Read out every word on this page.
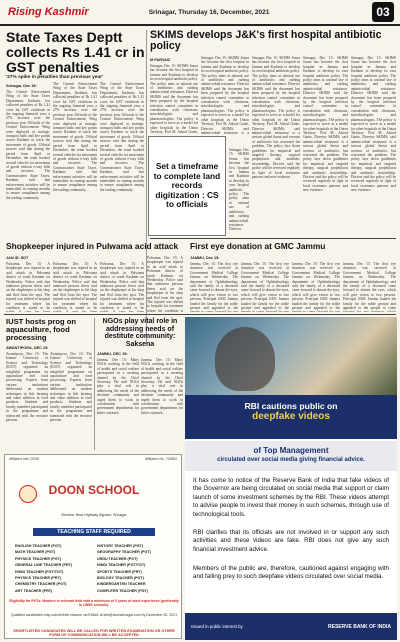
Rising Kashmir	Srinagar, Thursday 16, December, 2021	03
State Taxes Deptt collects Rs 1.41 cr in GST penalties
'27% spike in penalties than previous year'
Srinagar, Dec 15:

The Central Enforcement Wing of the State Taxes Department, Kashmir, has collected penalties of Rs 1.41 crore for GST violations in the ongoing financial year, a 27% increase over the previous year. Officials of the Central Enforcement Wing were deployed at strategic transport hubs and key points across Kashmir to track the movement of goods. Official sources said that during the period from April to December, the team booked several vehicles for movement of goods without e-way bills and invoices. The Commissioner State Taxes, Kashmir, said that enforcement activities will be intensified in coming months to ensure compliance among the trading community.

The Central Enforcement Wing of the State Taxes Department, Kashmir, has collected penalties of Rs 1.41 crore for GST violations in the ongoing financial year, a 27% increase over the previous year. Officials of the Central Enforcement Wing were deployed at strategic transport hubs and key points across Kashmir to track the movement of goods. Official sources said that during the period from April to December, the team booked several vehicles for movement of goods without e-way bills and invoices. The Commissioner State Taxes, Kashmir, said that enforcement activities will be intensified in coming months to ensure compliance among the trading community.

The Central Enforcement Wing of the State Taxes Department, Kashmir, has collected penalties of Rs 1.41 crore for GST violations in the ongoing financial year, a 27% increase over the previous year. Officials of the Central Enforcement Wing were deployed at strategic transport hubs and key points across Kashmir to track the movement of goods. Official sources said that during the period from April to December, the team booked several vehicles for movement of goods without e-way bills and invoices. The Commissioner State Taxes, Kashmir, said that enforcement activities will be intensified in coming months to ensure compliance among the trading community.

SKIMS develops J&K's first hospital antibiotic policy
M PARVAIZ

Srinagar, Dec 15: SKIMS Soura has become the first hospital in Jammu and Kashmir to develop its own hospital antibiotic policy. The policy aims at rational use of antibiotics and curbing antimicrobial resistance. Director SKIMS said the document has been prepared by the hospital infection control committee in consultation with clinicians, microbiologists and pharmacologists. The policy is expected to serve as a model for other hospitals in the Union Territory. Prof M. Ashraf Ganie,

Srinagar, Dec 15: SKIMS Soura has become the first hospital in Jammu and Kashmir to develop its own hospital antibiotic policy. The policy aims at rational use of antibiotics and curbing antimicrobial resistance. Director SKIMS said the document has been prepared by the hospital infection control committee in consultation with clinicians, microbiologists and pharmacologists. The policy is expected to serve as a model for other hospitals in the Union Territory. Prof M. Ashraf Ganie, Director SKIMS, said antimicrobial resistance is a

Srinagar, Dec 15: SKIMS Soura has become the first hospital in Jammu and Kashmir to develop its own hospital antibiotic policy. The policy aims at rational use of antibiotics and curbing antimicrobial resistance. Director SKIMS said the document has been prepared by the hospital infection control committee in consultation with clinicians, microbiologists and pharmacologists. The policy is expected to serve as a model for other hospitals in the Union Territory. Prof M. Ashraf Ganie, Director SKIMS, said antimicrobial resistance is a serious global threat and overuse of antibiotics has worsened the problem. The policy lays down guidelines for empirical and targeted therapy, surgical prophylaxis and antibiotic stewardship. Doctors said the policy will be reviewed regularly in light of local resistance patterns and new evidence.

Srinagar, Dec 15: SKIMS Soura has become the first hospital in Jammu and Kashmir to develop its own hospital antibiotic policy. The policy aims at rational use of antibiotics and curbing antimicrobial resistance. Director SKIMS said the document has been prepared by the hospital infection control committee in consultation with clinicians, microbiologists and pharmacologists. The policy is expected to serve as a model for other hospitals in the Union Territory. Prof M. Ashraf Ganie, Director SKIMS, said antimicrobial resistance is a serious global threat and overuse of antibiotics has worsened the problem. The policy lays down guidelines for empirical and targeted therapy, surgical prophylaxis and antibiotic stewardship. Doctors said the policy will be reviewed regularly in light of local resistance patterns and new evidence.

Srinagar, Dec 15: SKIMS Soura has become the first hospital in Jammu and Kashmir to develop its own hospital antibiotic policy. The policy aims at rational use of antibiotics and curbing antimicrobial resistance. Director SKIMS said the document has been prepared by the hospital infection control committee in consultation with clinicians, microbiologists and pharmacologists. The policy is expected to serve as a model for other hospitals in the Union Territory. Prof M. Ashraf Ganie, Director SKIMS, said antimicrobial resistance is a serious global threat and overuse of antibiotics has worsened the problem. The policy lays down guidelines for empirical and targeted therapy, surgical prophylaxis and antibiotic stewardship. Doctors said the policy will be reviewed regularly in light of local resistance patterns and new evidence.

Srinagar, Dec 15: SKIMS Soura has become the first hospital in Jammu and Kashmir to develop its own hospital antibiotic policy. The policy aims at rational use of antibiotics and curbing antimicrobial resistance. Director

Set a timeframe to complete land records digitization : CS to officials
Shopkeeper injured in Pulwama acid attack
JAN ID: SDT

Pulwama, Dec 15: A shopkeeper was injured in an acid attack in Pulwama district of south Kashmir on Wednesday. Police said that unknown persons threw acid on the shopkeeper at his shop and fled from the spot. The injured was shifted to hospital for treatment where his condition is stated to be

Pulwama, Dec 15: A shopkeeper was injured in an acid attack in Pulwama district of south Kashmir on Wednesday. Police said that unknown persons threw acid on the shopkeeper at his shop and fled from the spot. The injured was shifted to hospital for treatment where his condition is stated to be

Pulwama, Dec 15: A shopkeeper was injured in an acid attack in Pulwama district of south Kashmir on Wednesday. Police said that unknown persons threw acid on the shopkeeper at his shop and fled from the spot. The injured was shifted to hospital for treatment where his condition is stated to be

Pulwama, Dec 15: A shopkeeper was injured in an acid attack in Pulwama district of south Kashmir on Wednesday. Police said that unknown persons threw acid on the shopkeeper at his shop and fled from the spot. The injured was shifted to hospital for treatment where his condition is

First eye donation at GMC Jammu
JAMMU, Dec 15:

Jammu, Dec 15: The first eye donation was received at Government Medical College Jammu on Wednesday. The department of Ophthalmology said the family of a deceased came forward to donate the eyes, which will give vision to two persons. Principal GMC Jammu lauded the family for the noble gesture and appealed to the

Jammu, Dec 15: The first eye donation was received at Government Medical College Jammu on Wednesday. The department of Ophthalmology said the family of a deceased came forward to donate the eyes, which will give vision to two persons. Principal GMC Jammu lauded the family for the noble gesture and appealed to the

Jammu, Dec 15: The first eye donation was received at Government Medical College Jammu on Wednesday. The department of Ophthalmology said the family of a deceased came forward to donate the eyes, which will give vision to two persons. Principal GMC Jammu lauded the family for the noble gesture and appealed to the

Jammu, Dec 15: The first eye donation was received at Government Medical College Jammu on Wednesday. The department of Ophthalmology said the family of a deceased came forward to donate the eyes, which will give vision to two persons. Principal GMC Jammu lauded the family for the noble gesture and appealed to the people to come

IUST hosts prog on aquaculture, food processing
AWANTIPORA, DEC 15:

Awantipora, Dec 15: The Islamic University of Science and Technology (IUST) organised an insightful programme on aquaculture and food processing. Experts from various institutions deliberated on modern techniques in fish farming and value addition in food products. Students and faculty members participated in the programme and interacted with the resource persons.

Awantipora, Dec 15: The Islamic University of Science and Technology (IUST) organised an insightful programme on aquaculture and food processing. Experts from various institutions deliberated on modern techniques in fish farming and value addition in food products. Students and faculty members participated in the programme and interacted with the resource persons.

NGOs play vital role in addressing needs of destitute community: Saksena
JAMMU, DEC 15:

Jammu, Dec 15: Many NGOs working in the field of health and social welfare participated in a meeting chaired by the Chief Secretary. He said NGOs play a vital role in addressing the needs of the destitute community and urged them to work in coordination with government departments for better outreach.

Jammu, Dec 15: Many NGOs working in the field of health and social welfare participated in a meeting chaired by the Chief Secretary. He said NGOs play a vital role in addressing the needs of the destitute community and urged them to work in coordination with government departments for better outreach.

Affiliated with CBSE	Affiliation No. 700982
DOON SCHOOL
Bemina, Near Highway Bypass, Srinagar
TEACHING STAFF REQUIRED
ENGLISH TEACHER (PGT)
MATH TEACHER (PGT)
PHYSICS TEACHER (PGT)
GENERAL LINE TEACHER (PRT)
HINDI TEACHER (PGT/TGT)
PHYSICS TEACHER (PRT)
CHEMISTRY TEACHER (PGT)
ART TEACHER (PRT)
HISTORY TEACHER (PGT)
GEOGRAPHY TEACHER (PGT)
URDU TEACHER (PGT)
HINDI TEACHER (PGT/TGT)
SPORTS TEACHER (PRT)
BIOLOGY TEACHER (PGT)
KINDERGARTEN TEACHER
COMPUTER TEACHER (PGT)
Eligibility for PGTs: Masters in relevant field with a minimum of 3 years of work experience (preferably in CBSE schools).
Qualified candidates may submit their resume via EMAIL at info@doonsrinagar.com by December 30, 2021
SHORTLISTED CANDIDATES WILL BE CALLED FOR WRITTEN EXAMINATION OR OTHER FORM OF COMMUNICATION WILL BE ACCEPTED
RBI cautions public on
deepfake videos
of Top Management
circulated over social media giving financial advice.
It has come to notice of the Reserve Bank of India that fake videos of the Governor are being circulated on social media that support or claim launch of some investment schemes by the RBI. These videos attempt to advise people to invest their money in such schemes, through use of technological tools.
RBI clarifies that its officials are not involved in or support any such activities and these videos are fake. RBI does not give any such financial investment advice.
Members of the public are, therefore, cautioned against engaging with and falling prey to such deepfake videos circulated over social media.
Issued in public interest by	RESERVE BANK OF INDIA
